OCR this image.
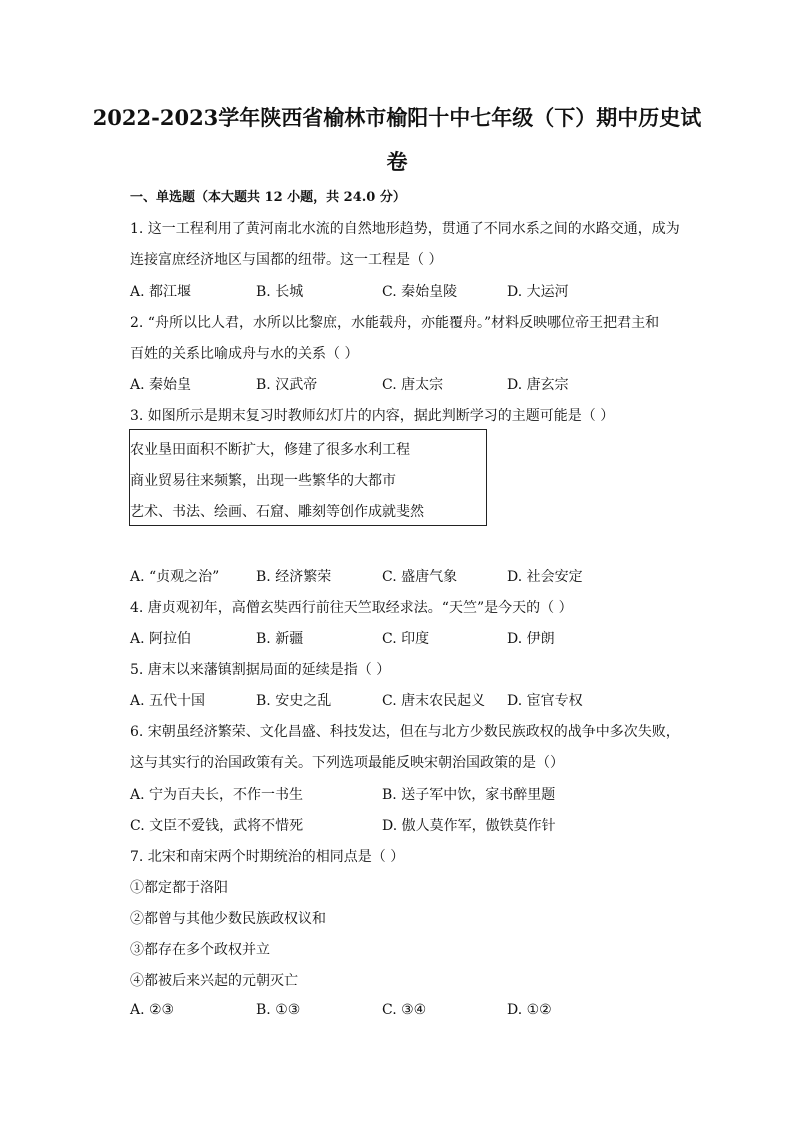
2022-2023学年陕西省榆林市榆阳十中七年级（下）期中历史试
卷
一、单选题（本大题共 12 小题，共 24.0 分）
1. 这一工程利用了黄河南北水流的自然地形趋势，贯通了不同水系之间的水路交通，成为
连接富庶经济地区与国都的纽带。这一工程是（ ）
A. 都江堰	B. 长城	C. 秦始皇陵	D. 大运河
2. “舟所以比人君，水所以比黎庶，水能载舟，亦能覆舟。”材料反映哪位帝王把君主和
百姓的关系比喻成舟与水的关系（ ）
A. 秦始皇	B. 汉武帝	C. 唐太宗	D. 唐玄宗
3. 如图所示是期末复习时教师幻灯片的内容，据此判断学习的主题可能是（ ）
农业垦田面积不断扩大，修建了很多水利工程
商业贸易往来频繁，出现一些繁华的大都市
艺术、书法、绘画、石窟、雕刻等创作成就斐然
A. “贞观之治”	B. 经济繁荣	C. 盛唐气象	D. 社会安定
4. 唐贞观初年，高僧玄奘西行前往天竺取经求法。“天竺”是今天的（ ）
A. 阿拉伯	B. 新疆	C. 印度	D. 伊朗
5. 唐末以来藩镇割据局面的延续是指（ ）
A. 五代十国	B. 安史之乱	C. 唐末农民起义 D. 宦官专权
6. 宋朝虽经济繁荣、文化昌盛、科技发达，但在与北方少数民族政权的战争中多次失败，
这与其实行的治国政策有关。下列选项最能反映宋朝治国政策的是（）
A. 宁为百夫长，不作一书生	B. 送子军中饮，家书醉里题
C. 文臣不爱钱，武将不惜死	D. 傲人莫作军，傲铁莫作针
7. 北宋和南宋两个时期统治的相同点是（ ）
①都定都于洛阳
②都曾与其他少数民族政权议和
③都存在多个政权并立
④都被后来兴起的元朝灭亡
A. ②③	B. ①③	C. ③④	D. ①②
